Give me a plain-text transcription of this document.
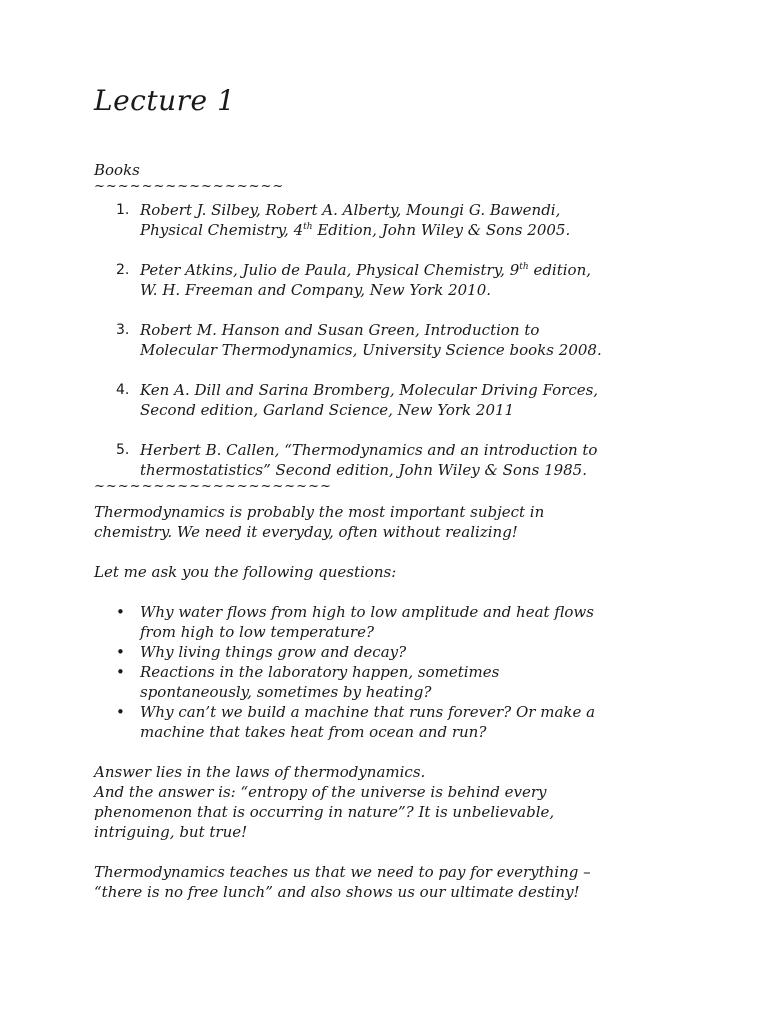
Lecture 1

Books

~~~~~~~~~~~~~~~~
1. Robert J. Silbey, Robert A. Alberty, Moungi G. Bawendi,
Physical Chemistry, 4th Edition, John Wiley & Sons 2005.
2. Peter Atkins, Julio de Paula, Physical Chemistry, 9th edition,
W. H. Freeman and Company, New York 2010.
3. Robert M. Hanson and Susan Green, Introduction to
Molecular Thermodynamics, University Science books 2008.
4. Ken A. Dill and Sarina Bromberg, Molecular Driving Forces,
Second edition, Garland Science, New York 2011
5. Herbert B. Callen, “Thermodynamics and an introduction to
thermostatistics” Second edition, John Wiley & Sons 1985.
~~~~~~~~~~~~~~~~~~~~

Thermodynamics is probably the most important subject in
chemistry. We need it everyday, often without realizing!

Let me ask you the following questions:

• Why water flows from high to low amplitude and heat flows
from high to low temperature?
• Why living things grow and decay?
• Reactions in the laboratory happen, sometimes
spontaneously, sometimes by heating?
• Why can’t we build a machine that runs forever? Or make a
machine that takes heat from ocean and run?

Answer lies in the laws of thermodynamics.
And the answer is: “entropy of the universe is behind every
phenomenon that is occurring in nature”? It is unbelievable,
intriguing, but true!

Thermodynamics teaches us that we need to pay for everything –
“there is no free lunch” and also shows us our ultimate destiny!
